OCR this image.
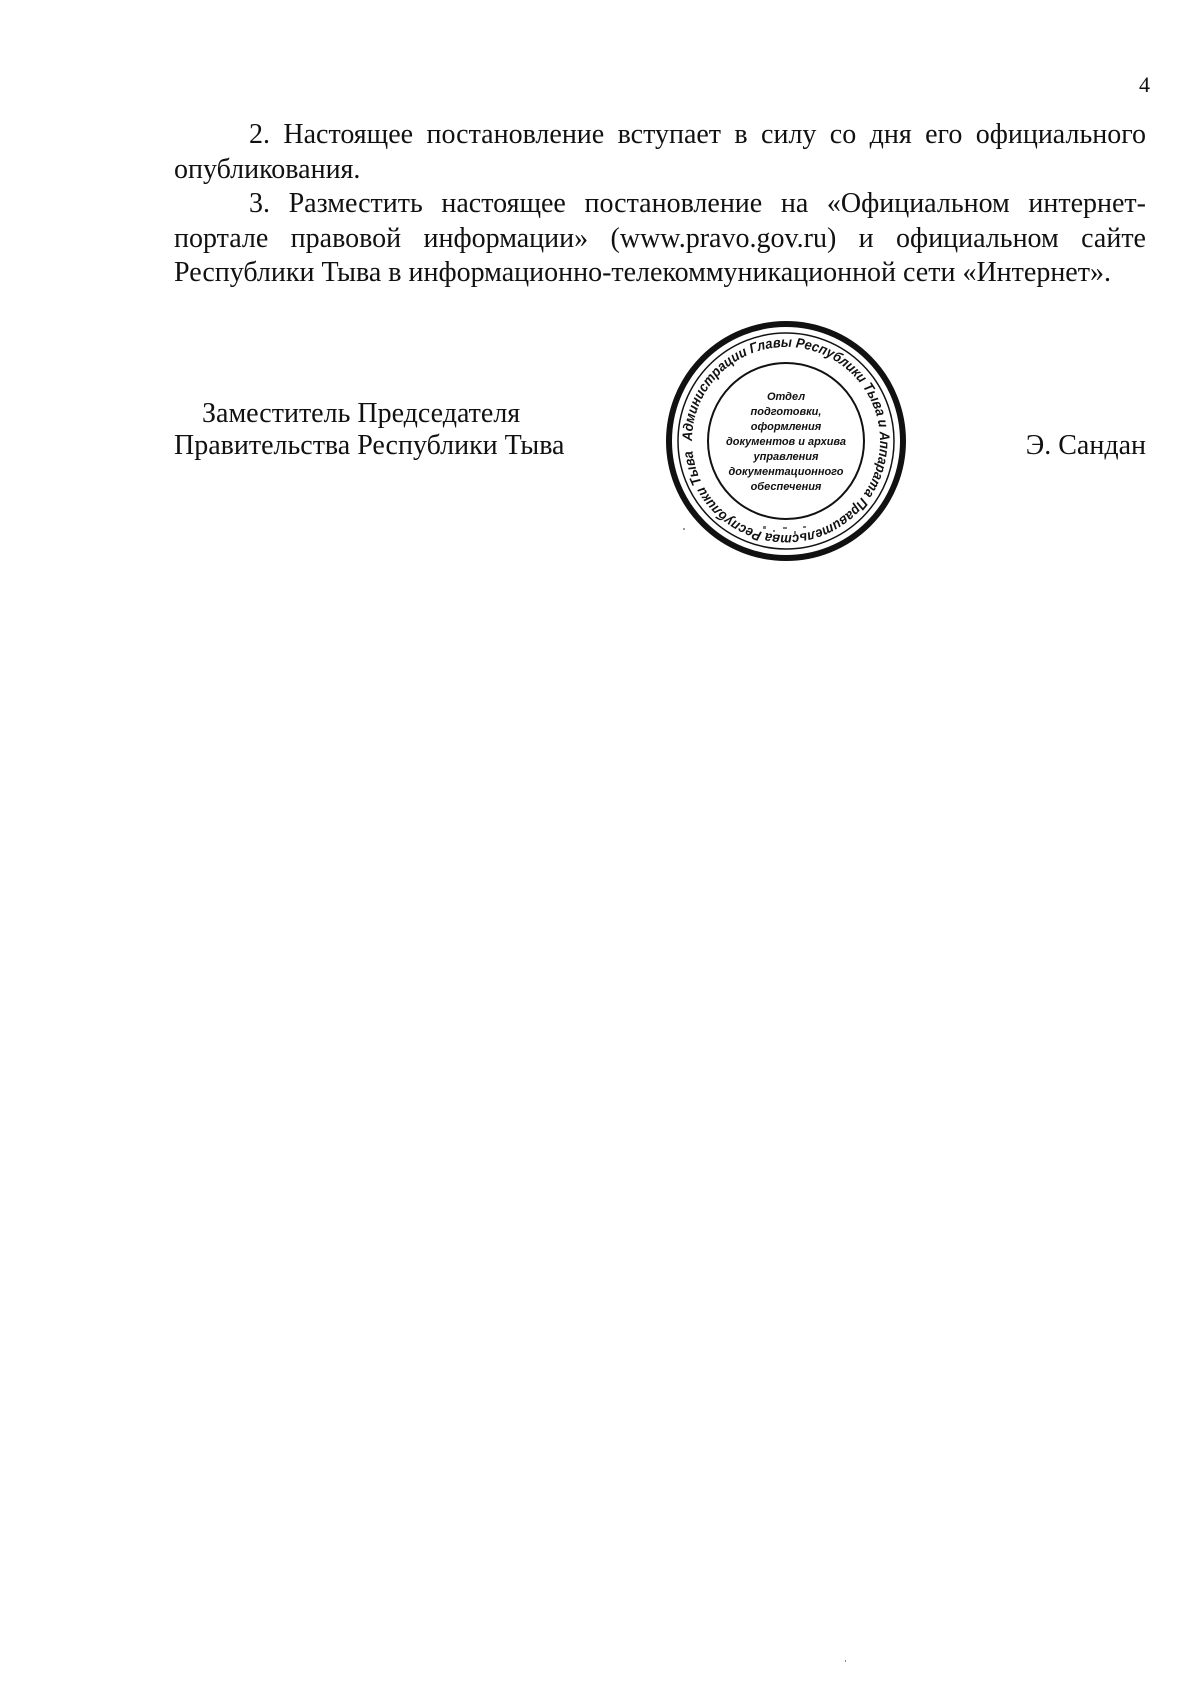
4

2. Настоящее постановление вступает в силу со дня его официального опубликования.

3. Разместить настоящее постановление на «Официальном интернет-портале правовой информации» (www.pravo.gov.ru) и официальном сайте Республики Тыва в информационно-телекоммуникационной сети «Интернет».

Заместитель Председателя
Правительства Республики Тыва	Э. Сандан
Администрации Главы Республики Тыва и Аппарата Правительства Республики Тыва
Отдел
подготовки,
оформления
документов и архива
управления
документационного
обеспечения
